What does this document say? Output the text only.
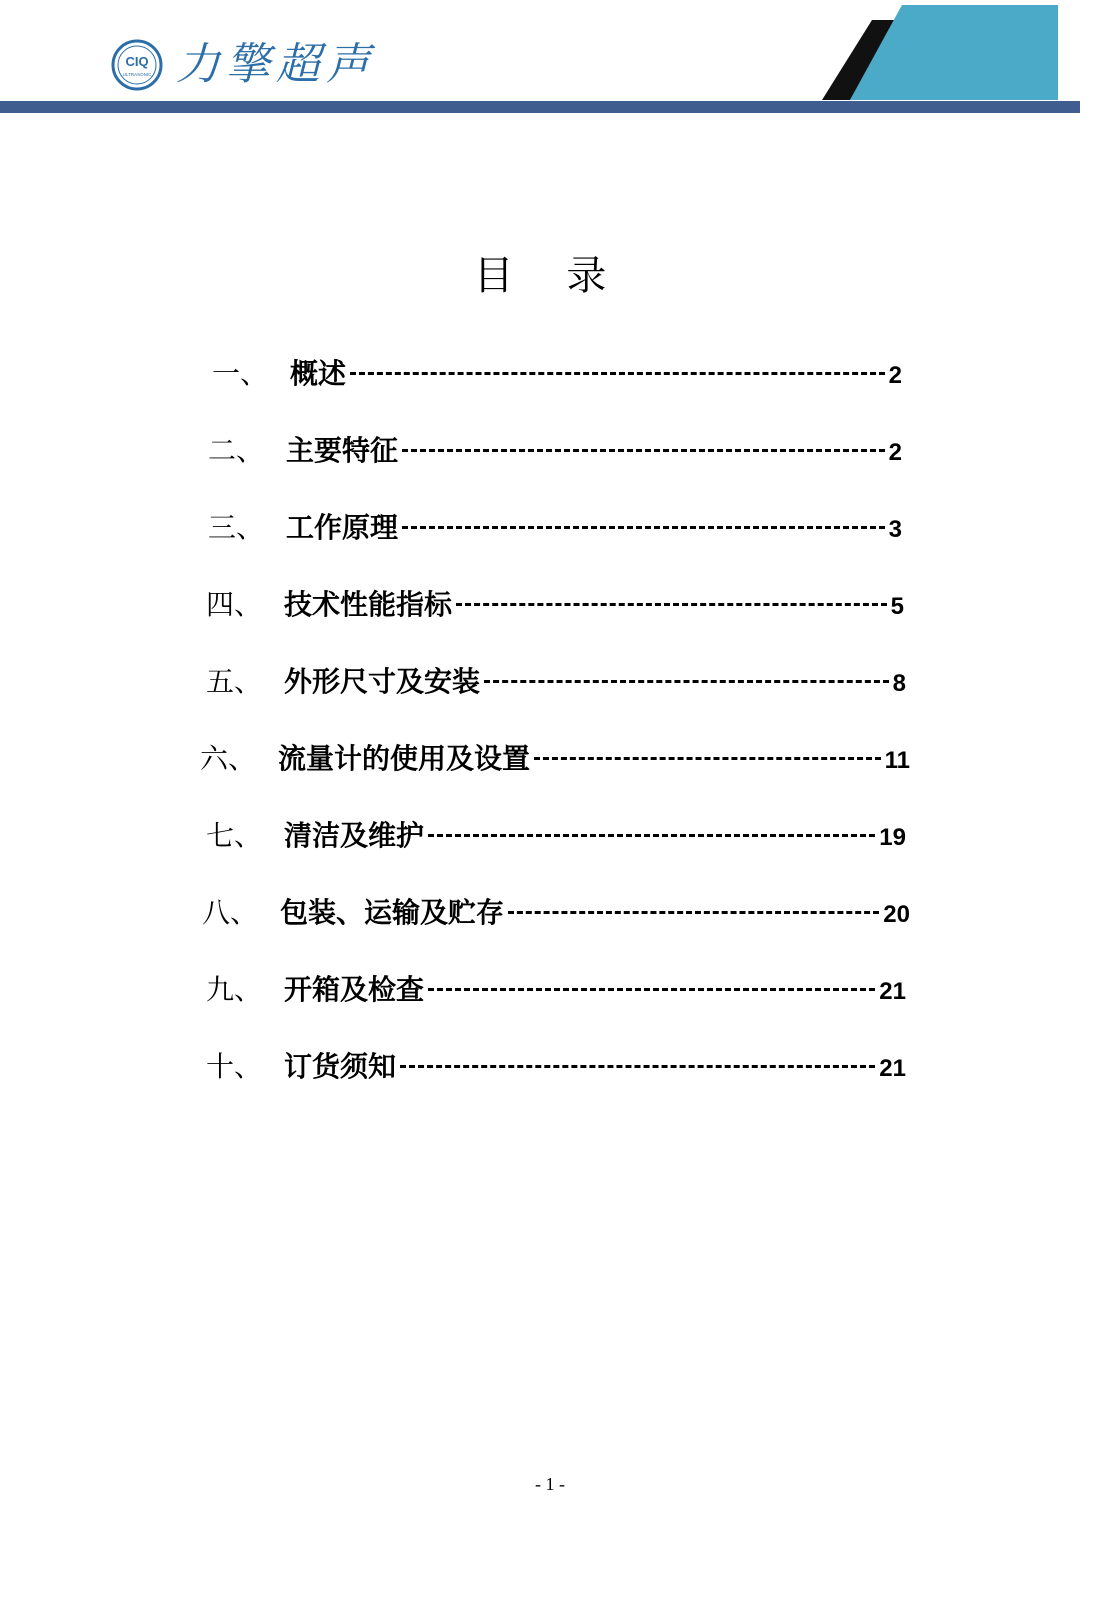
CIQ
ULTRASONIC 力擎超声
目 录
一、 概述	2
二、 主要特征	2
三、 工作原理	3
四、 技术性能指标	5
五、 外形尺寸及安装	8
六、 流量计的使用及设置	11
七、 清洁及维护	19
八、 包装、运输及贮存	20
九、 开箱及检查	21
十、 订货须知	21
- 1 -
